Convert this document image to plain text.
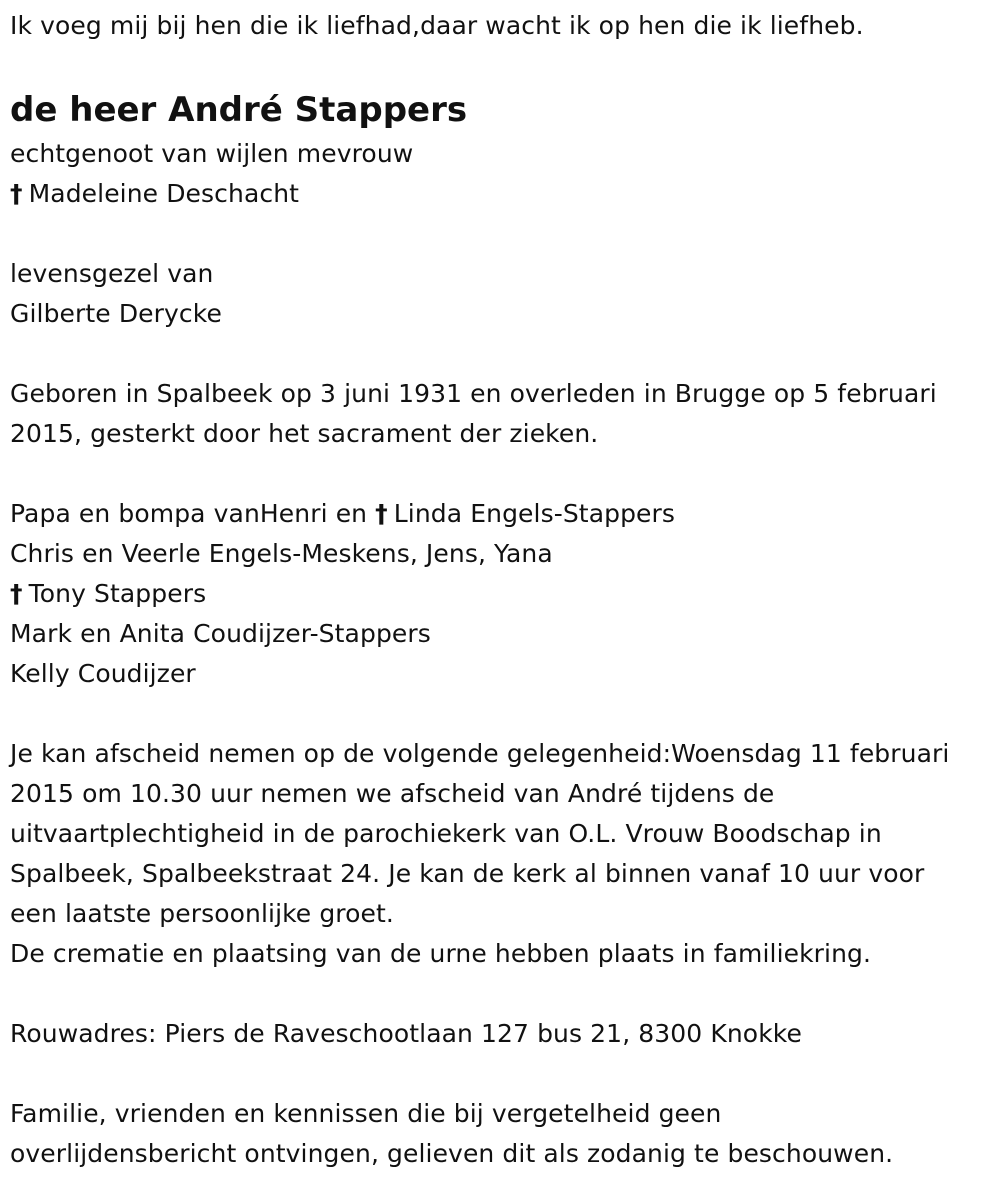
Ik voeg mij bij hen die ik liefhad,daar wacht ik op hen die ik liefheb.
de heer André Stappers
echtgenoot van wijlen mevrouw
† Madeleine Deschacht
levensgezel van
Gilberte Derycke
Geboren in Spalbeek op 3 juni 1931 en overleden in Brugge op 5 februari
2015, gesterkt door het sacrament der zieken.
Papa en bompa vanHenri en † Linda Engels-Stappers
Chris en Veerle Engels-Meskens, Jens, Yana
† Tony Stappers
Mark en Anita Coudijzer-Stappers
Kelly Coudijzer
Je kan afscheid nemen op de volgende gelegenheid:Woensdag 11 februari
2015 om 10.30 uur nemen we afscheid van André tijdens de
uitvaartplechtigheid in de parochiekerk van O.L. Vrouw Boodschap in
Spalbeek, Spalbeekstraat 24. Je kan de kerk al binnen vanaf 10 uur voor
een laatste persoonlijke groet.
De crematie en plaatsing van de urne hebben plaats in familiekring.
Rouwadres: Piers de Raveschootlaan 127 bus 21, 8300 Knokke
Familie, vrienden en kennissen die bij vergetelheid geen
overlijdensbericht ontvingen, gelieven dit als zodanig te beschouwen.
